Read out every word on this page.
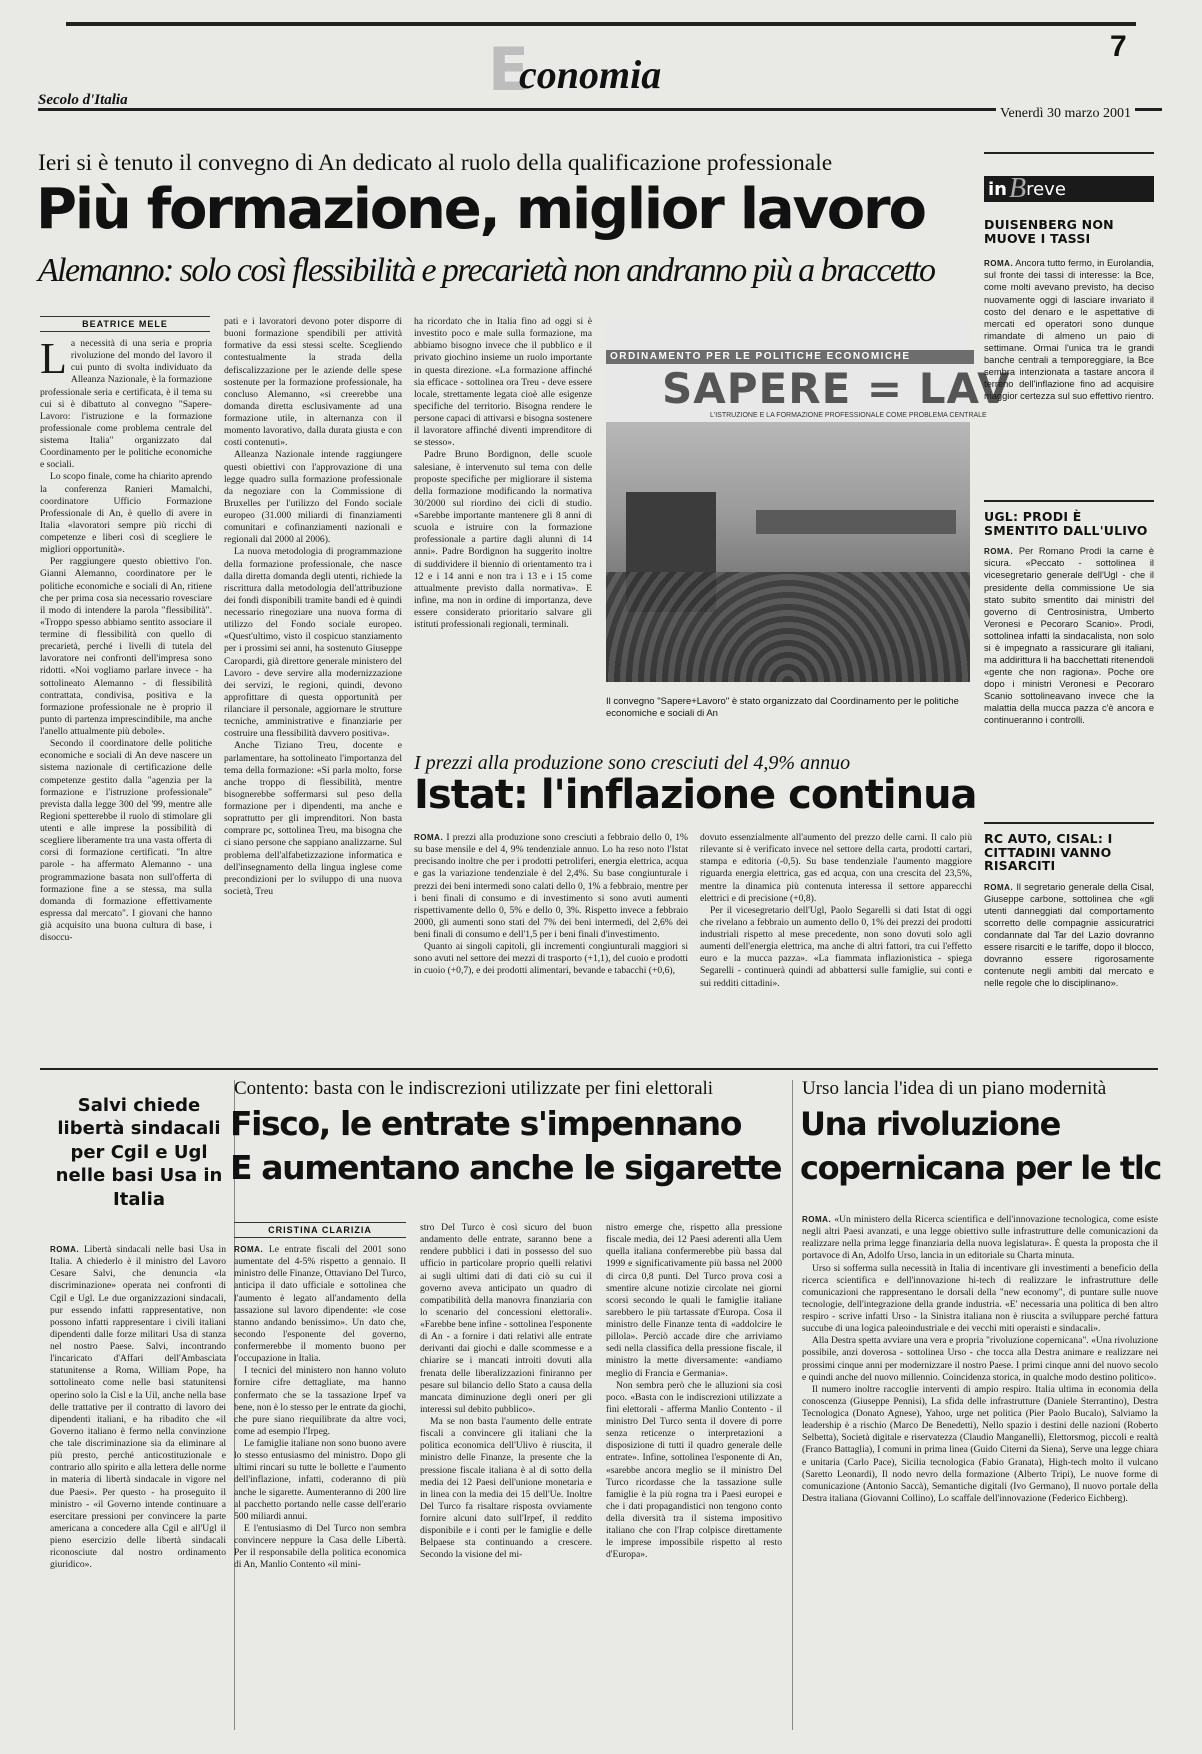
E
conomia
7
Secolo d'Italia
Venerdì 30 marzo 2001
Ieri si è tenuto il convegno di An dedicato al ruolo della qualificazione professionale
Più formazione, miglior lavoro
Alemanno: solo così flessibilità e precarietà non andranno più a braccetto
BEATRICE MELE
L a necessità di una seria e propria rivoluzione del mondo del lavoro il cui punto di svolta individuato da Alleanza Nazionale, è la formazione professionale seria e certificata, è il tema su cui si è dibattuto al convegno "Sapere-Lavoro: l'istruzione e la formazione professionale come problema centrale del sistema Italia" organizzato dal Coordinamento per le politiche economiche e sociali.

Lo scopo finale, come ha chiarito aprendo la conferenza Ranieri Mamalchi, coordinatore Ufficio Formazione Professionale di An, è quello di avere in Italia «lavoratori sempre più ricchi di competenze e liberi così di scegliere le migliori opportunità».

Per raggiungere questo obiettivo l'on. Gianni Alemanno, coordinatore per le politiche economiche e sociali di An, ritiene che per prima cosa sia necessario rovesciare il modo di intendere la parola "flessibilità". «Troppo spesso abbiamo sentito associare il termine di flessibilità con quello di precarietà, perché i livelli di tutela del lavoratore nei confronti dell'impresa sono ridotti. «Noi vogliamo parlare invece - ha sottolineato Alemanno - di flessibilità contrattata, condivisa, positiva e la formazione professionale ne è proprio il punto di partenza imprescindibile, ma anche l'anello attualmente più debole».

Secondo il coordinatore delle politiche economiche e sociali di An deve nascere un sistema nazionale di certificazione delle competenze gestito dalla "agenzia per la formazione e l'istruzione professionale" prevista dalla legge 300 del '99, mentre alle Regioni spetterebbe il ruolo di stimolare gli utenti e alle imprese la possibilità di scegliere liberamente tra una vasta offerta di corsi di formazione certificati. "In altre parole - ha affermato Alemanno - una programmazione basata non sull'offerta di formazione fine a se stessa, ma sulla domanda di formazione effettivamente espressa dal mercato". I giovani che hanno già acquisito una buona cultura di base, i disoccu-

pati e i lavoratori devono poter disporre di buoni formazione spendibili per attività formative da essi stessi scelte. Scegliendo contestualmente la strada della defiscalizzazione per le aziende delle spese sostenute per la formazione professionale, ha concluso Alemanno, «si creerebbe una domanda diretta esclusivamente ad una formazione utile, in alternanza con il momento lavorativo, dalla durata giusta e con costi contenuti».

Alleanza Nazionale intende raggiungere questi obiettivi con l'approvazione di una legge quadro sulla formazione professionale da negoziare con la Commissione di Bruxelles per l'utilizzo del Fondo sociale europeo (31.000 miliardi di finanziamenti comunitari e cofinanziamenti nazionali e regionali dal 2000 al 2006).

La nuova metodologia di programmazione della formazione professionale, che nasce dalla diretta domanda degli utenti, richiede la riscrittura dalla metodologia dell'attribuzione dei fondi disponibili tramite bandi ed è quindi necessario rinegoziare una nuova forma di utilizzo del Fondo sociale europeo. «Quest'ultimo, visto il cospicuo stanziamento per i prossimi sei anni, ha sostenuto Giuseppe Caropardi, già direttore generale ministero del Lavoro - deve servire alla modernizzazione dei servizi, le regioni, quindi, devono approfittare di questa opportunità per rilanciare il personale, aggiornare le strutture tecniche, amministrative e finanziarie per costruire una flessibilità davvero positiva».

Anche Tiziano Treu, docente e parlamentare, ha sottolineato l'importanza del tema della formazione: «Si parla molto, forse anche troppo di flessibilità, mentre bisognerebbe soffermarsi sul peso della formazione per i dipendenti, ma anche e soprattutto per gli imprenditori. Non basta comprare pc, sottolinea Treu, ma bisogna che ci siano persone che sappiano analizzarne. Sul problema dell'alfabetizzazione informatica e dell'insegnamento della lingua inglese come precondizioni per lo sviluppo di una nuova società, Treu

ha ricordato che in Italia fino ad oggi si è investito poco e male sulla formazione, ma abbiamo bisogno invece che il pubblico e il privato giochino insieme un ruolo importante in questa direzione. «La formazione affinché sia efficace - sottolinea ora Treu - deve essere locale, strettamente legata cioè alle esigenze specifiche del territorio. Bisogna rendere le persone capaci di attivarsi e bisogna sostenere il lavoratore affinché diventi imprenditore di se stesso».

Padre Bruno Bordignon, delle scuole salesiane, è intervenuto sul tema con delle proposte specifiche per migliorare il sistema della formazione modificando la normativa 30/2000 sul riordino dei cicli di studio. «Sarebbe importante mantenere gli 8 anni di scuola e istruire con la formazione professionale a partire dagli alunni di 14 anni». Padre Bordignon ha suggerito inoltre di suddividere il biennio di orientamento tra i 12 e i 14 anni e non tra i 13 e i 15 come attualmente previsto dalla normativa». E infine, ma non in ordine di importanza, deve essere considerato prioritario salvare gli istituti professionali regionali, terminali.

ORDINAMENTO PER LE POLITICHE ECONOMICHE
SAPERE = LAV
L'ISTRUZIONE E LA FORMAZIONE PROFESSIONALE COME PROBLEMA CENTRALE
Il convegno "Sapere+Lavoro" è stato organizzato dal Coordinamento per le politiche economiche e sociali di An
I prezzi alla produzione sono cresciuti del 4,9% annuo
Istat: l'inflazione continua

ROMA. I prezzi alla produzione sono cresciuti a febbraio dello 0, 1% su base mensile e del 4, 9% tendenziale annuo. Lo ha reso noto l'Istat precisando inoltre che per i prodotti petroliferi, energia elettrica, acqua e gas la variazione tendenziale è del 2,4%. Su base congiunturale i prezzi dei beni intermedi sono calati dello 0, 1% a febbraio, mentre per i beni finali di consumo e di investimento si sono avuti aumenti rispettivamente dello 0, 5% e dello 0, 3%. Rispetto invece a febbraio 2000, gli aumenti sono stati del 7% dei beni intermedi, del 2,6% dei beni finali di consumo e dell'1,5 per i beni finali d'investimento.

Quanto ai singoli capitoli, gli incrementi congiunturali maggiori si sono avuti nel settore dei mezzi di trasporto (+1,1), del cuoio e prodotti in cuoio (+0,7), e dei prodotti alimentari, bevande e tabacchi (+0,6),

dovuto essenzialmente all'aumento del prezzo delle carni. Il calo più rilevante si è verificato invece nel settore della carta, prodotti cartari, stampa e editoria (-0,5). Su base tendenziale l'aumento maggiore riguarda energia elettrica, gas ed acqua, con una crescita del 23,5%, mentre la dinamica più contenuta interessa il settore apparecchi elettrici e di precisione (+0,8).

Per il vicesegretario dell'Ugl, Paolo Segarelli si dati Istat di oggi che rivelano a febbraio un aumento dello 0, 1% dei prezzi dei prodotti industriali rispetto al mese precedente, non sono dovuti solo agli aumenti dell'energia elettrica, ma anche di altri fattori, tra cui l'effetto euro e la mucca pazza». «La fiammata inflazionistica - spiega Segarelli - continuerà quindi ad abbattersi sulle famiglie, sui conti e sui redditi cittadini».

in B reve
DUISENBERG NON MUOVE I TASSI
ROMA. Ancora tutto fermo, in Eurolandia, sul fronte dei tassi di interesse: la Bce, come molti avevano previsto, ha deciso nuovamente oggi di lasciare invariato il costo del denaro e le aspettative di mercati ed operatori sono dunque rimandate di almeno un paio di settimane. Ormai l'unica tra le grandi banche centrali a temporeggiare, la Bce sembra intenzionata a tastare ancora il terreno dell'inflazione fino ad acquisire maggior certezza sul suo effettivo rientro.
UGL: PRODI È SMENTITO DALL'ULIVO
ROMA. Per Romano Prodi la carne è sicura. «Peccato - sottolinea il vicesegretario generale dell'Ugl - che il presidente della commissione Ue sia stato subito smentito dai ministri del governo di Centrosinistra, Umberto Veronesi e Pecoraro Scanio». Prodi, sottolinea infatti la sindacalista, non solo si è impegnato a rassicurare gli italiani, ma addirittura li ha bacchettati ritenendoli «gente che non ragiona». Poche ore dopo i ministri Veronesi e Pecoraro Scanio sottolineavano invece che la malattia della mucca pazza c'è ancora e continueranno i controlli.
RC AUTO, CISAL: I CITTADINI VANNO RISARCITI
ROMA. Il segretario generale della Cisal, Giuseppe carbone, sottolinea che «gli utenti danneggiati dal comportamento scorretto delle compagnie assicuratrici condannate dal Tar del Lazio dovranno essere risarciti e le tariffe, dopo il blocco, dovranno essere rigorosamente contenute negli ambiti dal mercato e nelle regole che lo disciplinano».
Salvi chiede libertà sindacali per Cgil e Ugl nelle basi Usa in Italia

ROMA. Libertà sindacali nelle basi Usa in Italia. A chiederlo è il ministro del Lavoro Cesare Salvi, che denuncia «la discriminazione» operata nei confronti di Cgil e Ugl. Le due organizzazioni sindacali, pur essendo infatti rappresentative, non possono infatti rappresentare i civili italiani dipendenti dalle forze militari Usa di stanza nel nostro Paese. Salvi, incontrando l'incaricato d'Affari dell'Ambasciata statunitense a Roma, William Pope, ha sottolineato come nelle basi statunitensi operino solo la Cisl e la Uil, anche nella base delle trattative per il contratto di lavoro dei dipendenti italiani, e ha ribadito che «il Governo italiano è fermo nella convinzione che tale discriminazione sia da eliminare al più presto, perché anticostituzionale e contrario allo spirito e alla lettera delle norme in materia di libertà sindacale in vigore nel due Paesi». Per questo - ha proseguito il ministro - «il Governo intende continuare a esercitare pressioni per convincere la parte americana a concedere alla Cgil e all'Ugl il pieno esercizio delle libertà sindacali riconosciute dal nostro ordinamento giuridico».

Contento: basta con le indiscrezioni utilizzate per fini elettorali
Fisco, le entrate s'impennano
E aumentano anche le sigarette
CRISTINA CLARIZIA

ROMA. Le entrate fiscali del 2001 sono aumentate del 4-5% rispetto a gennaio. Il ministro delle Finanze, Ottaviano Del Turco, anticipa il dato ufficiale e sottolinea che l'aumento è legato all'andamento della tassazione sul lavoro dipendente: «le cose stanno andando benissimo». Un dato che, secondo l'esponente del governo, confermerebbe il momento buono per l'occupazione in Italia.

I tecnici del ministero non hanno voluto fornire cifre dettagliate, ma hanno confermato che se la tassazione Irpef va bene, non è lo stesso per le entrate da giochi, che pure siano riequilibrate da altre voci, come ad esempio l'Irpeg.

Le famiglie italiane non sono buono avere lo stesso entusiasmo del ministro. Dopo gli ultimi rincari su tutte le bollette e l'aumento dell'inflazione, infatti, coderanno di più anche le sigarette. Aumenteranno di 200 lire al pacchetto portando nelle casse dell'erario 500 miliardi annui.

E l'entusiasmo di Del Turco non sembra convincere neppure la Casa delle Libertà. Per il responsabile della politica economica di An, Manlio Contento «il mini-

stro Del Turco è così sicuro del buon andamento delle entrate, saranno bene a rendere pubblici i dati in possesso del suo ufficio in particolare proprio quelli relativi ai sugli ultimi dati di dati ciò su cui il governo aveva anticipato un quadro di compatibilità della manovra finanziaria con lo scenario del concessioni elettorali». «Farebbe bene infine - sottolinea l'esponente di An - a fornire i dati relativi alle entrate derivanti dai giochi e dalle scommesse e a chiarire se i mancati introiti dovuti alla frenata delle liberalizzazioni finiranno per pesare sul bilancio dello Stato a causa della mancata diminuzione degli oneri per gli interessi sul debito pubblico».

Ma se non basta l'aumento delle entrate fiscali a convincere gli italiani che la politica economica dell'Ulivo è riuscita, il ministro delle Finanze, la presente che la pressione fiscale italiana è al di sotto della media dei 12 Paesi dell'unione monetaria e in linea con la media dei 15 dell'Ue. Inoltre Del Turco fa risaltare risposta ovviamente fornire alcuni dato sull'Irpef, il reddito disponibile e i conti per le famiglie e delle Belpaese sta continuando a crescere. Secondo la visione del mi-

nistro emerge che, rispetto alla pressione fiscale media, dei 12 Paesi aderenti alla Uem quella italiana confermerebbe più bassa dal 1999 e significativamente più bassa nel 2000 di circa 0,8 punti. Del Turco prova così a smentire alcune notizie circolate nei giorni scorsi secondo le quali le famiglie italiane sarebbero le più tartassate d'Europa. Cosa il ministro delle Finanze tenta di «addolcire le pillola». Perciò accade dire che arriviamo sedi nella classifica della pressione fiscale, il ministro la mette diversamente: «andiamo meglio di Francia e Germania».

Non sembra però che le alluzioni sia così poco. «Basta con le indiscrezioni utilizzate a fini elettorali - afferma Manlio Contento - il ministro Del Turco senta il dovere di porre senza reticenze o interpretazioni a disposizione di tutti il quadro generale delle entrate». Infine, sottolinea l'esponente di An, «sarebbe ancora meglio se il ministro Del Turco ricordasse che la tassazione sulle famiglie è la più rogna tra i Paesi europei e che i dati propagandistici non tengono conto della diversità tra il sistema impositivo italiano che con l'Irap colpisce direttamente le imprese impossibile rispetto al resto d'Europa».

Urso lancia l'idea di un piano modernità
Una rivoluzione
copernicana per le tlc

ROMA. «Un ministero della Ricerca scientifica e dell'innovazione tecnologica, come esiste negli altri Paesi avanzati, e una legge obiettivo sulle infrastrutture delle comunicazioni da realizzare nella prima legge finanziaria della nuova legislatura». È questa la proposta che il portavoce di An, Adolfo Urso, lancia in un editoriale su Charta minuta.

Urso si sofferma sulla necessità in Italia di incentivare gli investimenti a beneficio della ricerca scientifica e dell'innovazione hi-tech di realizzare le infrastrutture delle comunicazioni che rappresentano le dorsali della "new economy", di puntare sulle nuove tecnologie, dell'integrazione della grande industria. «E' necessaria una politica di ben altro respiro - scrive infatti Urso - la Sinistra italiana non è riuscita a sviluppare perché fattura succube di una logica paleoindustriale e dei vecchi miti operaisti e sindacali».

Alla Destra spetta avviare una vera e propria "rivoluzione copernicana". «Una rivoluzione possibile, anzi doverosa - sottolinea Urso - che tocca alla Destra animare e realizzare nei prossimi cinque anni per modernizzare il nostro Paese. I primi cinque anni del nuovo secolo e quindi anche del nuovo millennio. Coincidenza storica, in qualche modo destino politico».

Il numero inoltre raccoglie interventi di ampio respiro. Italia ultima in economia della conoscenza (Giuseppe Pennisi), La sfida delle infrastrutture (Daniele Sterrantino), Destra Tecnologica (Donato Agnese), Yahoo, urge net politica (Pier Paolo Bucalo), Salviamo la leadership è a rischio (Marco De Benedetti), Nello spazio i destini delle nazioni (Roberto Selbetta), Società digitale e riservatezza (Claudio Manganelli), Elettorsmog, piccoli e realtà (Franco Battaglia), I comuni in prima linea (Guido Citerni da Siena), Serve una legge chiara e unitaria (Carlo Pace), Sicilia tecnologica (Fabio Granata), High-tech molto il vulcano (Saretto Leonardi), Il nodo nevro della formazione (Alberto Tripi), Le nuove forme di comunicazione (Antonio Saccà), Semantiche digitali (Ivo Germano), Il nuovo portale della Destra italiana (Giovanni Collino), Lo scaffale dell'innovazione (Federico Eichberg).
